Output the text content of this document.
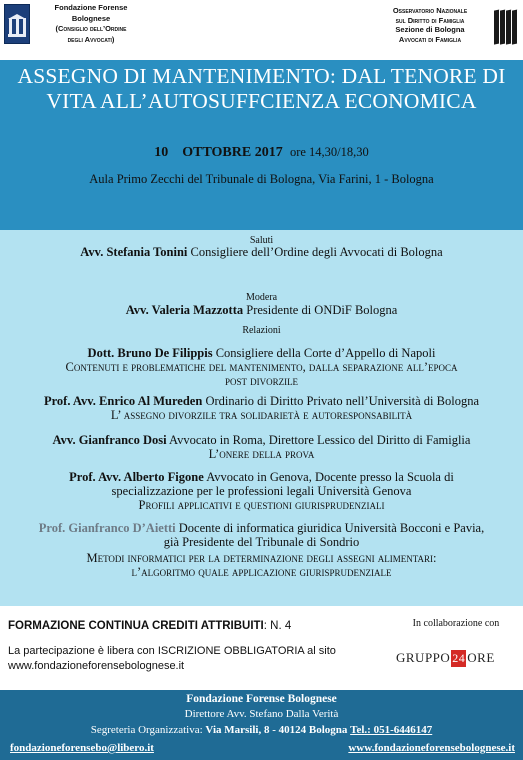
Fondazione Forense
Bolognese
(Consiglio dell’Ordine
degli Avvocati)
Osservatorio Nazionale
sul Diritto di Famiglia
Sezione di Bologna
Avvocati di Famiglia
ASSEGNO DI MANTENIMENTO: DAL TENORE DI
VITA ALL’AUTOSUFFCIENZA ECONOMICA
10 OTTOBRE 2017 ore 14,30/18,30
Aula Primo Zecchi del Tribunale di Bologna, Via Farini, 1 - Bologna
Saluti
Avv. Stefania Tonini Consigliere dell’Ordine degli Avvocati di Bologna
Modera
Avv. Valeria Mazzotta Presidente di ONDiF Bologna
Relazioni
Dott. Bruno De Filippis Consigliere della Corte d’Appello di Napoli
Contenuti e problematiche del mantenimento, dalla separazione all’epoca
post divorzile
Prof. Avv. Enrico Al Mureden Ordinario di Diritto Privato nell’Università di Bologna
L’ assegno divorzile tra solidarietà e autoresponsabilità
Avv. Gianfranco Dosi Avvocato in Roma, Direttore Lessico del Diritto di Famiglia
L’onere della prova
Prof. Avv. Alberto Figone Avvocato in Genova, Docente presso la Scuola di
specializzazione per le professioni legali Università Genova
Profili applicativi e questioni giurisprudenziali
Prof. Gianfranco D’Aietti Docente di informatica giuridica Università Bocconi e Pavia,
già Presidente del Tribunale di Sondrio
Metodi informatici per la determinazione degli assegni alimentari:
l’algoritmo quale applicazione giurisprudenziale
FORMAZIONE CONTINUA CREDITI ATTRIBUITI: N. 4
La partecipazione è libera con ISCRIZIONE OBBLIGATORIA al sito
www.fondazioneforensebolognese.it
In collaborazione con
GRUPPO 24 ORE
Fondazione Forense Bolognese
Direttore Avv. Stefano Dalla Verità
Segreteria Organizzativa: Via Marsili, 8 - 40124 Bologna Tel.: 051-6446147
fondazioneforensebo@libero.it	www.fondazioneforensebolognese.it
